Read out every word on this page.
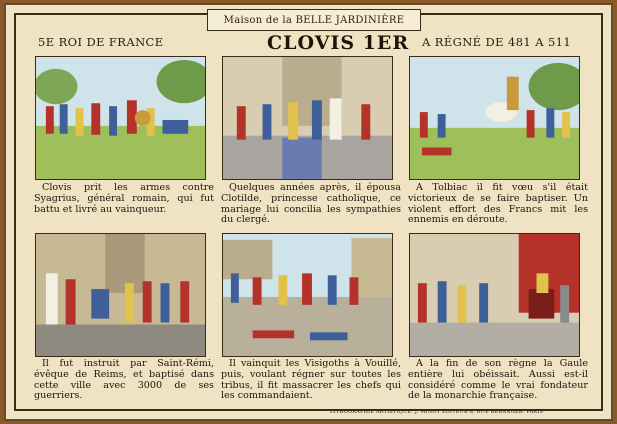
Maison de la BELLE JARDINIÈRE
5E ROI DE FRANCE	CLOVIS 1ER A RÉGNÉ DE 481 A 511
Clovis prit les armes contre Syagrius, général romain, qui fut battu et livré au vainqueur.
Quelques années après, il épousa Clotilde, princesse catholique, ce mariage lui concilia les sympathies du clergé.
A Tolbiac il fit vœu s'il était victorieux de se faire baptiser. Un violent effort des Francs mit les ennemis en déroute.
Il fut instruit par Saint-Rémi, évêque de Reims, et baptisé dans cette ville avec 3000 de ses guerriers.
Il vainquit les Visigoths à Vouillé, puis, voulant régner sur toutes les tribus, il fit massacrer les chefs qui les commandaient.
A la fin de son règne la Gaule entière lui obéissait. Aussi est-il considéré comme le vrai fondateur de la monarchie française.
LITHOGRAPHIE ARTISTIQUE. J. MINOT ÉDITEUR 8, RUE BÉRANGER. PARIS
